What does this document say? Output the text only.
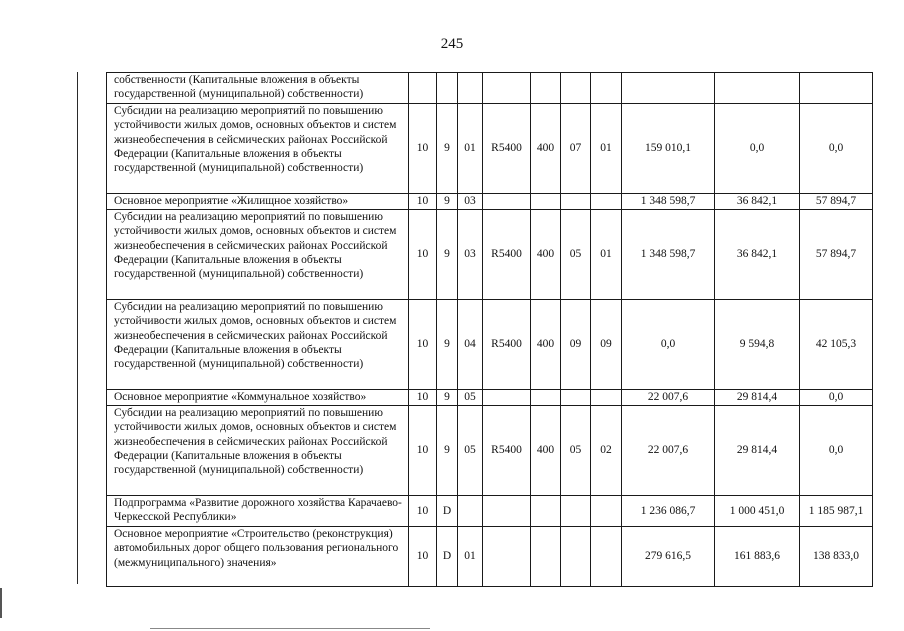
245
собственности (Капитальные вложения в объекты государственной (муниципальной) собственности)										
Субсидии на реализацию мероприятий по повышению устойчивости жилых домов, основных объектов и систем жизнеобеспечения в сейсмических районах Российской Федерации (Капитальные вложения в объекты государственной (муниципальной) собственности)	10	9	01	R5400	400	07	01	159 010,1	0,0	0,0
Основное мероприятие «Жилищное хозяйство»	10	9	03					1 348 598,7	36 842,1	57 894,7
Субсидии на реализацию мероприятий по повышению устойчивости жилых домов, основных объектов и систем жизнеобеспечения в сейсмических районах Российской Федерации (Капитальные вложения в объекты государственной (муниципальной) собственности)	10	9	03	R5400	400	05	01	1 348 598,7	36 842,1	57 894,7
Субсидии на реализацию мероприятий по повышению устойчивости жилых домов, основных объектов и систем жизнеобеспечения в сейсмических районах Российской Федерации (Капитальные вложения в объекты государственной (муниципальной) собственности)	10	9	04	R5400	400	09	09	0,0	9 594,8	42 105,3
Основное мероприятие «Коммунальное хозяйство»	10	9	05					22 007,6	29 814,4	0,0
Субсидии на реализацию мероприятий по повышению устойчивости жилых домов, основных объектов и систем жизнеобеспечения в сейсмических районах Российской Федерации (Капитальные вложения в объекты государственной (муниципальной) собственности)	10	9	05	R5400	400	05	02	22 007,6	29 814,4	0,0
Подпрограмма «Развитие дорожного хозяйства Карачаево-Черкесской Республики»	10	D						1 236 086,7	1 000 451,0	1 185 987,1
Основное мероприятие «Строительство (реконструкция) автомобильных дорог общего пользования регионального (межмуниципального) значения»	10	D	01					279 616,5	161 883,6	138 833,0
